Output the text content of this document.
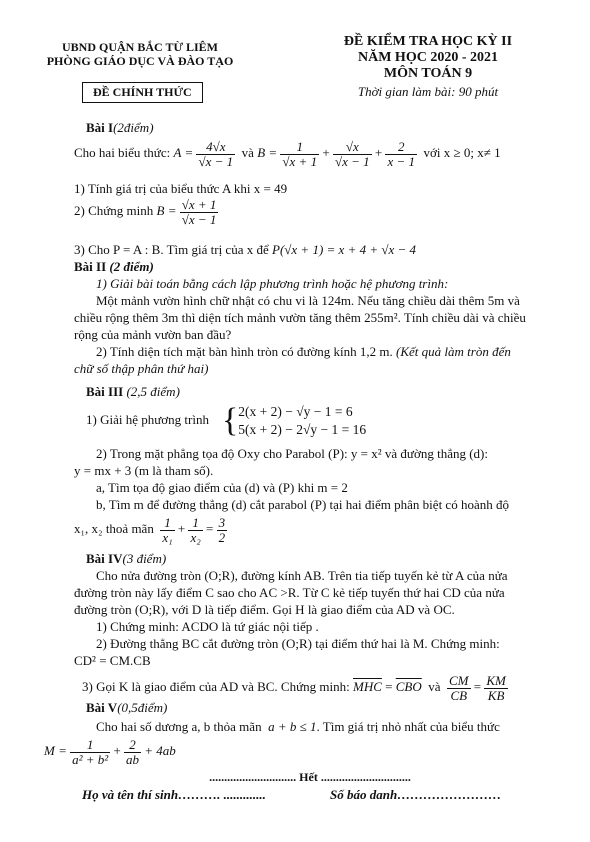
UBND QUẬN BẮC TỪ LIÊM
PHÒNG GIÁO DỤC VÀ ĐÀO TẠO
ĐỀ CHÍNH THỨC
ĐỀ KIỂM TRA HỌC KỲ II
NĂM HỌC 2020 - 2021
MÔN TOÁN 9
Thời gian làm bài: 90 phút
Bài I(2điểm)
Cho hai biểu thức: $A = \frac{4√x}{√x - 1}$ và $B = \frac{1}{√x + 1} + \frac{√x}{√x - 1} + \frac{2}{x - 1}$ với x ≥ 0; x≠ 1
1) Tính giá trị của biểu thức A khi x = 49
2) Chứng minh $B = \frac{√x + 1}{√x - 1}$
3) Cho P = A : B. Tìm giá trị của x để P(√x + 1) = x + 4 + √x − 4
Bài II (2 điểm)
1) Giải bài toán bằng cách lập phương trình hoặc hệ phương trình:
Một mảnh vườn hình chữ nhật có chu vi là 124m. Nếu tăng chiều dài thêm 5m và
chiều rộng thêm 3m thì diện tích mảnh vườn tăng thêm 255m². Tính chiều dài và chiều
rộng của mảnh vườn ban đầu?
2) Tính diện tích mặt bàn hình tròn có đường kính 1,2 m. (Kết quả làm tròn đến
chữ số thập phân thứ hai)
Bài III (2,5 điểm)
1) Giải hệ phương trình { 2(x + 2) − √y − 1 = 6
5(x + 2) − 2√y − 1 = 16
2) Trong mặt phẳng tọa độ Oxy cho Parabol (P): y = x² và đường thẳng (d):
y = mx + 3 (m là tham số).
a, Tìm tọa độ giao điểm của (d) và (P) khi m = 2
b, Tìm m để đường thẳng (d) cắt parabol (P) tại hai điểm phân biệt có hoành độ
x₁, x₂ thoả mãn $\frac{1}{\text{x₁}} + \frac{1}{\text{x₂}} = \frac{3}{2}$
Bài IV(3 điểm)
Cho nửa đường tròn (O;R), đường kính AB. Trên tia tiếp tuyến kẻ từ A của nửa
đường tròn này lấy điểm C sao cho AC >R. Từ C kẻ tiếp tuyến thứ hai CD của nửa
đường tròn (O;R), với D là tiếp điểm. Gọi H là giao điểm của AD và OC.
1) Chứng minh: ACDO là tứ giác nội tiếp .
2) Đường thẳng BC cắt đường tròn (O;R) tại điểm thứ hai là M. Chứng minh:
CD² = CM.CB
3) Gọi K là giao điểm của AD và BC. Chứng minh: $\overline{MHC} = \overline{CBO}$ và $\frac{CM}{CB} = \frac{KM}{KB}$
Bài V(0,5điểm)
Cho hai số dương a, b thỏa mãn a + b ≤ 1. Tìm giá trị nhỏ nhất của biểu thức
$M = \frac{1}{\text{a² + b²}} + \frac{2}{ab} + 4ab$
............................. Hết ..............................
Họ và tên thí sinh………. .............	Số báo danh……………………
